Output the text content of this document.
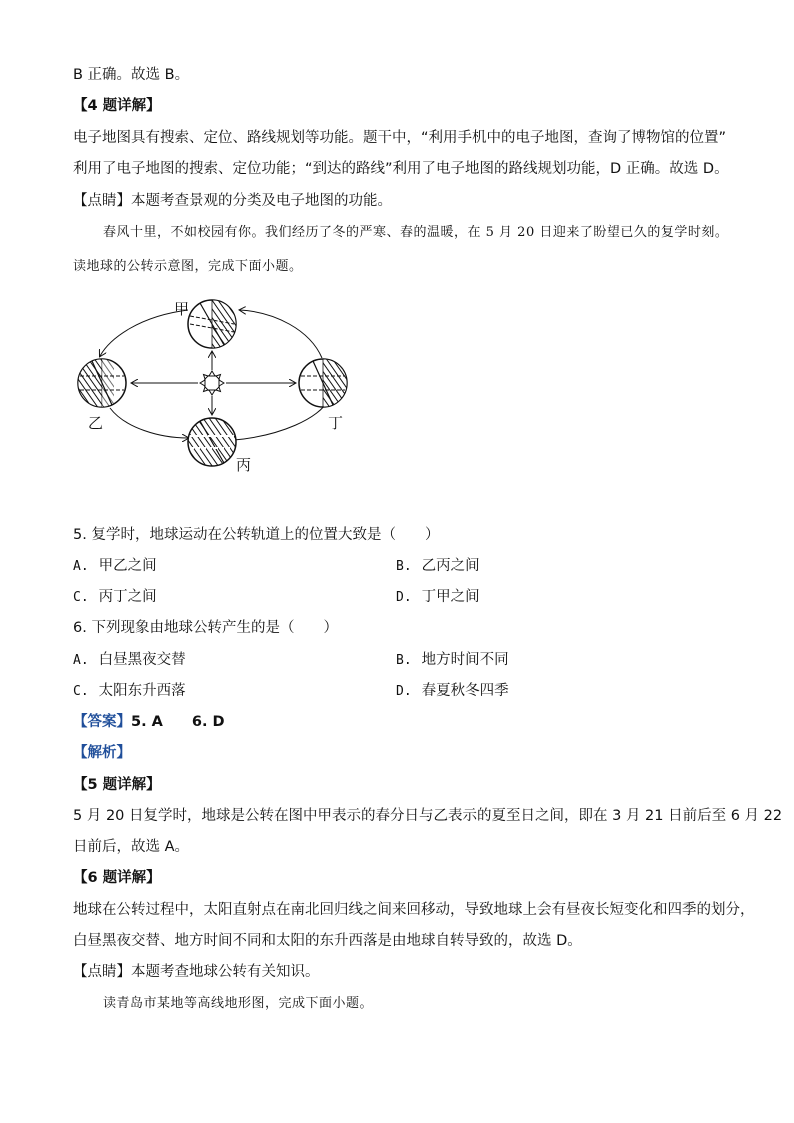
B 正确。故选 B。
【4 题详解】
电子地图具有搜索、定位、路线规划等功能。题干中，“利用手机中的电子地图，查询了博物馆的位置”
利用了电子地图的搜索、定位功能；“到达的路线”利用了电子地图的路线规划功能，D 正确。故选 D。
【点睛】本题考查景观的分类及电子地图的功能。
春风十里，不如校园有你。我们经历了冬的严寒、春的温暖，在 5 月 20 日迎来了盼望已久的复学时刻。
读地球的公转示意图，完成下面小题。
甲
乙
丙
丁
5. 复学时，地球运动在公转轨道上的位置大致是（　　）
A. 甲乙之间	B. 乙丙之间
C. 丙丁之间	D. 丁甲之间
6. 下列现象由地球公转产生的是（　　）
A. 白昼黑夜交替	B. 地方时间不同
C. 太阳东升西落	D. 春夏秋冬四季
【答案】5. A　　6. D
【解析】
【5 题详解】
5 月 20 日复学时，地球是公转在图中甲表示的春分日与乙表示的夏至日之间，即在 3 月 21 日前后至 6 月 22
日前后，故选 A。
【6 题详解】
地球在公转过程中，太阳直射点在南北回归线之间来回移动，导致地球上会有昼夜长短变化和四季的划分，
白昼黑夜交替、地方时间不同和太阳的东升西落是由地球自转导致的，故选 D。
【点睛】本题考查地球公转有关知识。
读青岛市某地等高线地形图，完成下面小题。
